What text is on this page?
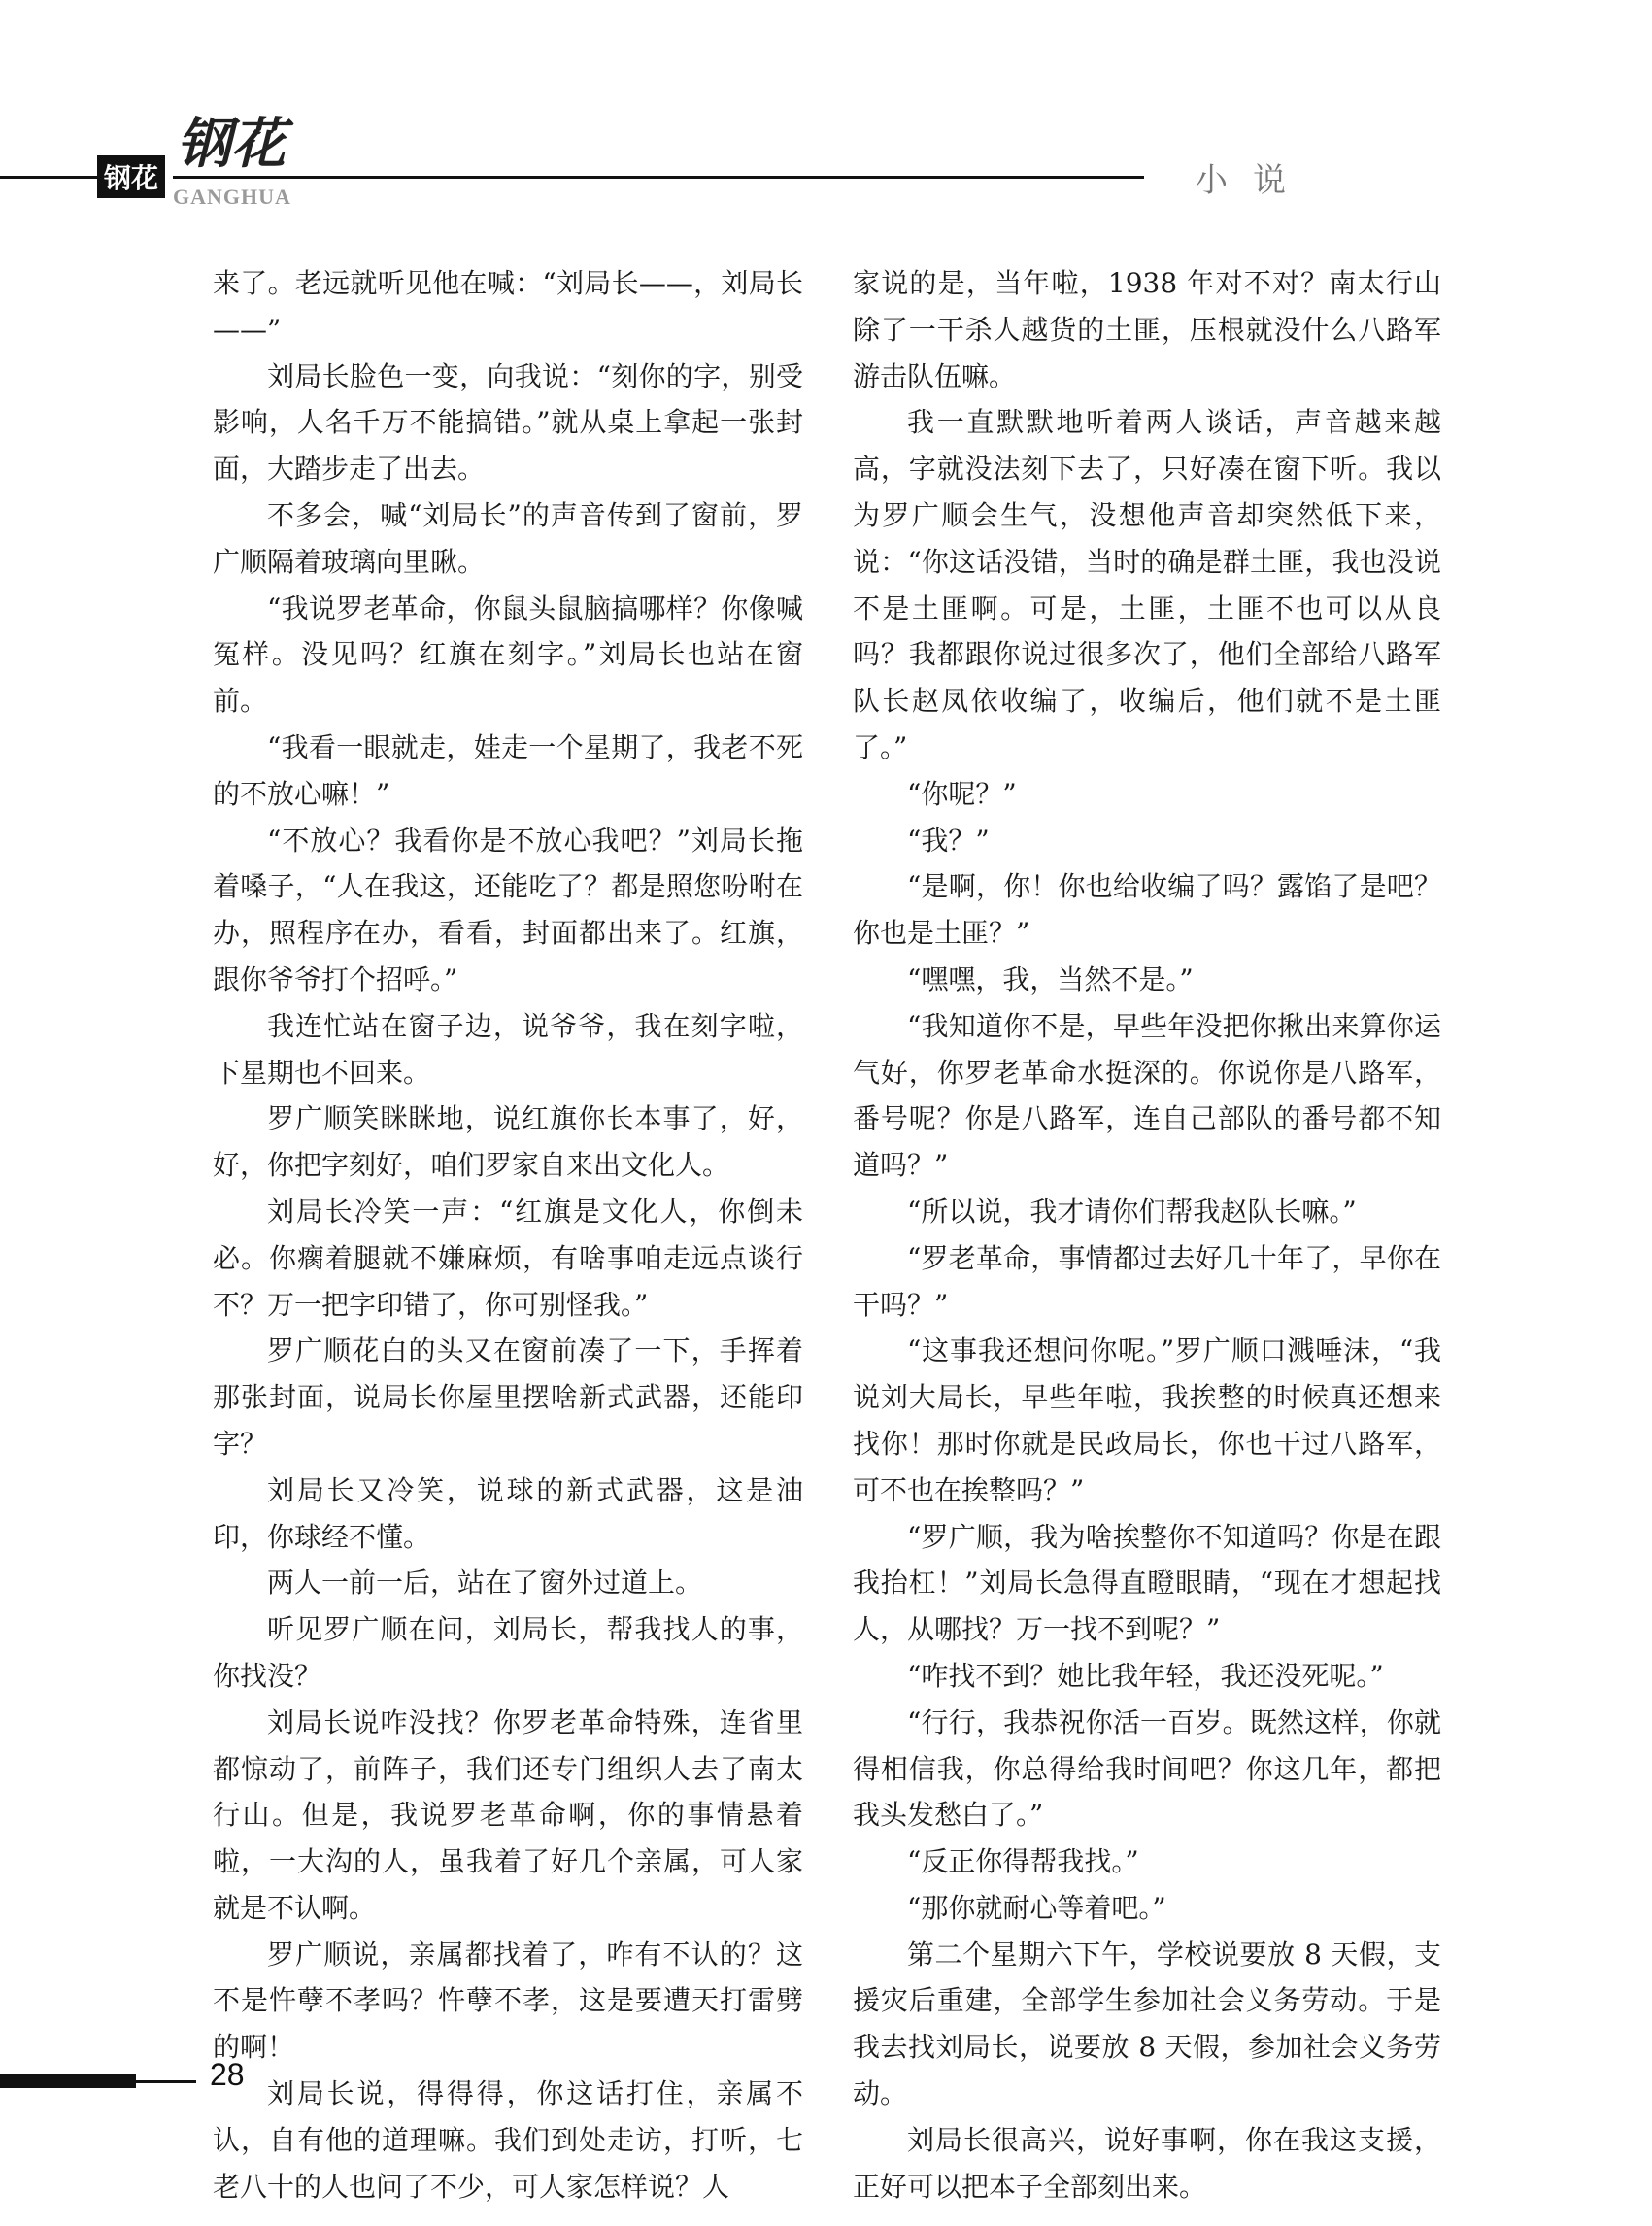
钢花
钢花
GANGHUA	小说

来了。老远就听见他在喊：“刘局长——，刘局长——”

刘局长脸色一变，向我说：“刻你的字，别受影响，人名千万不能搞错。”就从桌上拿起一张封面，大踏步走了出去。

不多会，喊“刘局长”的声音传到了窗前，罗广顺隔着玻璃向里瞅。

“我说罗老革命，你鼠头鼠脑搞哪样？你像喊冤样。没见吗？红旗在刻字。”刘局长也站在窗前。

“我看一眼就走，娃走一个星期了，我老不死的不放心嘛！”

“不放心？我看你是不放心我吧？”刘局长拖着嗓子，“人在我这，还能吃了？都是照您吩咐在办，照程序在办，看看，封面都出来了。红旗，跟你爷爷打个招呼。”

我连忙站在窗子边，说爷爷，我在刻字啦，下星期也不回来。

罗广顺笑眯眯地，说红旗你长本事了，好，好，你把字刻好，咱们罗家自来出文化人。

刘局长冷笑一声：“红旗是文化人，你倒未必。你瘸着腿就不嫌麻烦，有啥事咱走远点谈行不？万一把字印错了，你可别怪我。”

罗广顺花白的头又在窗前凑了一下，手挥着那张封面，说局长你屋里摆啥新式武器，还能印字？

刘局长又冷笑，说球的新式武器，这是油印，你球经不懂。

两人一前一后，站在了窗外过道上。

听见罗广顺在问，刘局长，帮我找人的事，你找没？

刘局长说咋没找？你罗老革命特殊，连省里都惊动了，前阵子，我们还专门组织人去了南太行山。但是，我说罗老革命啊，你的事情悬着啦，一大沟的人，虽我着了好几个亲属，可人家就是不认啊。

罗广顺说，亲属都找着了，咋有不认的？这不是忤孽不孝吗？忤孽不孝，这是要遭天打雷劈的啊！

刘局长说，得得得，你这话打住，亲属不认，自有他的道理嘛。我们到处走访，打听，七老八十的人也问了不少，可人家怎样说？人

家说的是，当年啦，1938 年对不对？南太行山除了一干杀人越货的土匪，压根就没什么八路军游击队伍嘛。

我一直默默地听着两人谈话，声音越来越高，字就没法刻下去了，只好凑在窗下听。我以为罗广顺会生气，没想他声音却突然低下来，说：“你这话没错，当时的确是群土匪，我也没说不是土匪啊。可是，土匪，土匪不也可以从良吗？我都跟你说过很多次了，他们全部给八路军队长赵凤依收编了，收编后，他们就不是土匪了。”

“你呢？”

“我？”

“是啊，你！你也给收编了吗？露馅了是吧？你也是土匪？”

“嘿嘿，我，当然不是。”

“我知道你不是，早些年没把你揪出来算你运气好，你罗老革命水挺深的。你说你是八路军，番号呢？你是八路军，连自己部队的番号都不知道吗？”

“所以说，我才请你们帮我赵队长嘛。”

“罗老革命，事情都过去好几十年了，早你在干吗？”

“这事我还想问你呢。”罗广顺口溅唾沫，“我说刘大局长，早些年啦，我挨整的时候真还想来找你！那时你就是民政局长，你也干过八路军，可不也在挨整吗？”

“罗广顺，我为啥挨整你不知道吗？你是在跟我抬杠！”刘局长急得直瞪眼睛，“现在才想起找人，从哪找？万一找不到呢？”

“咋找不到？她比我年轻，我还没死呢。”

“行行，我恭祝你活一百岁。既然这样，你就得相信我，你总得给我时间吧？你这几年，都把我头发愁白了。”

“反正你得帮我找。”

“那你就耐心等着吧。”

第二个星期六下午，学校说要放 8 天假，支援灾后重建，全部学生参加社会义务劳动。于是我去找刘局长，说要放 8 天假，参加社会义务劳动。

刘局长很高兴，说好事啊，你在我这支援，正好可以把本子全部刻出来。

28
